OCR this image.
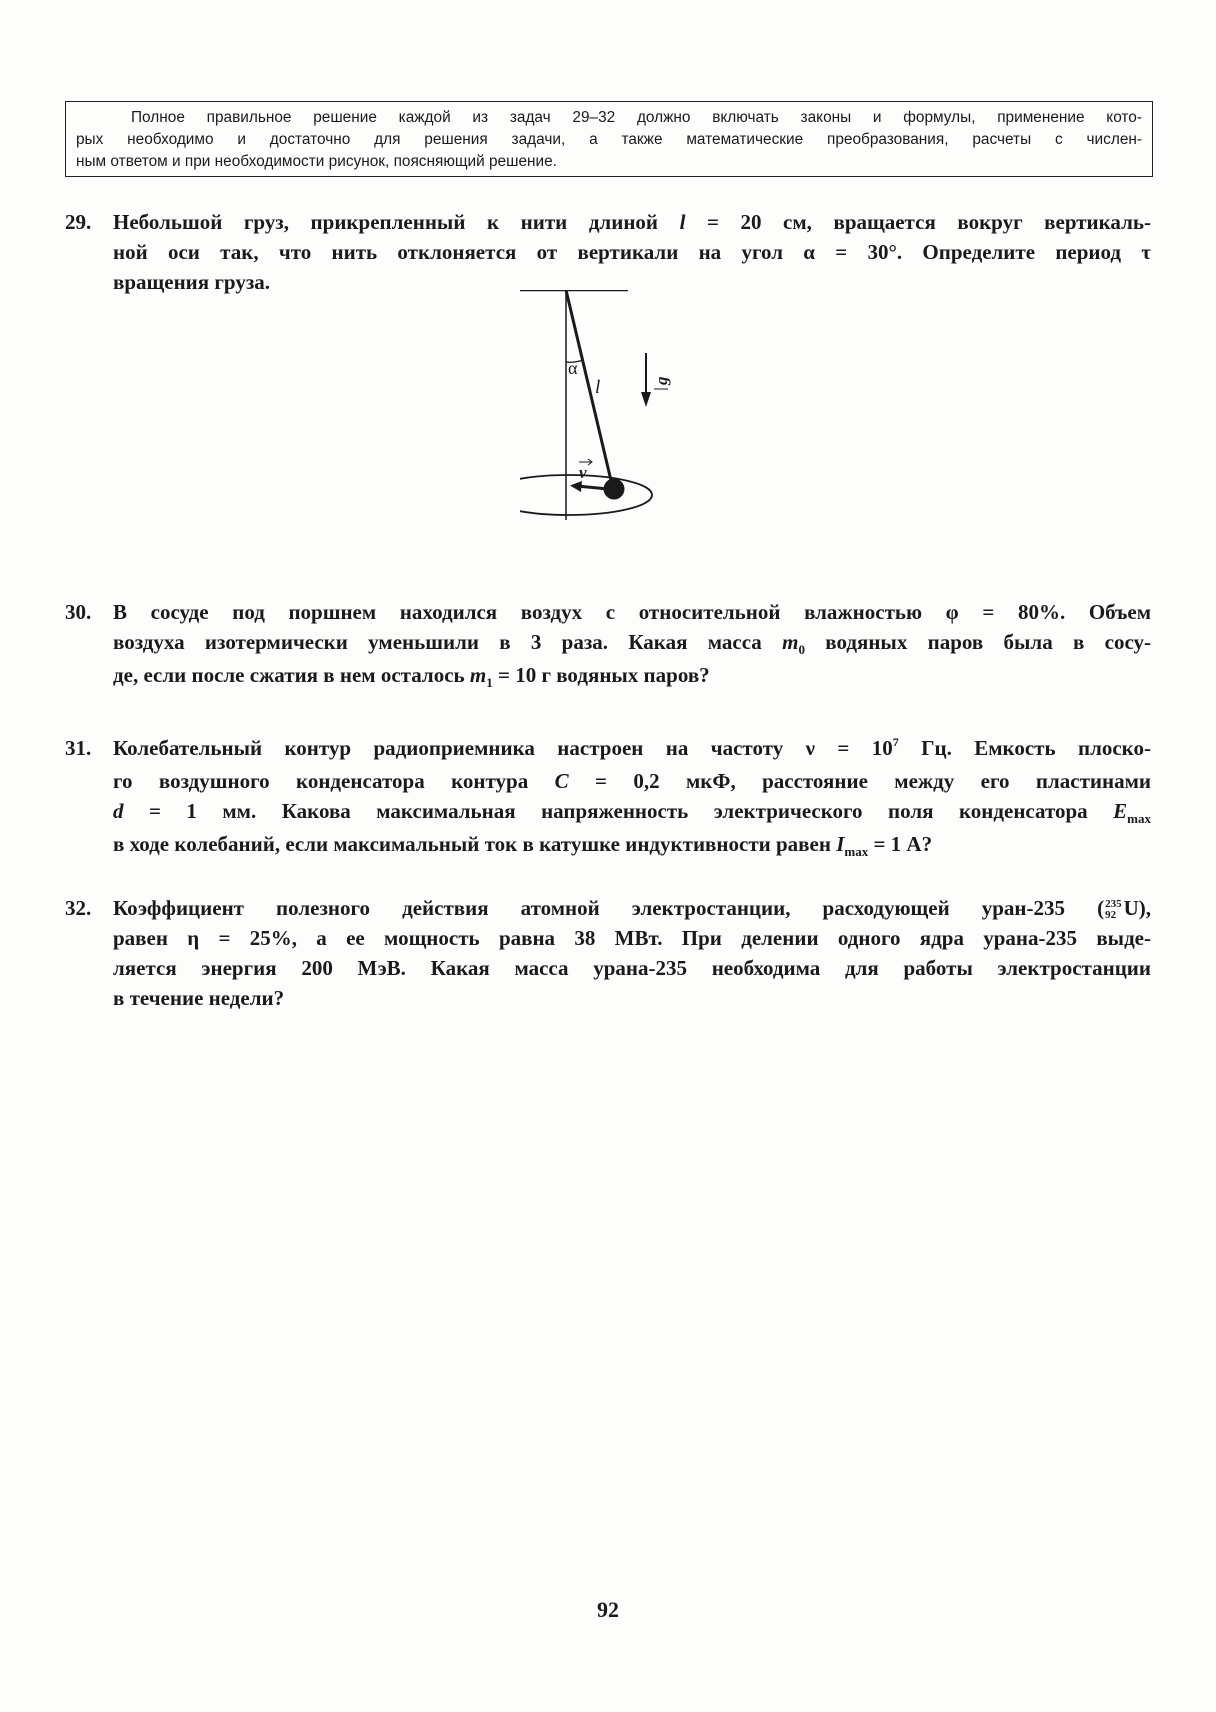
Полное правильное решение каждой из задач 29–32 должно включать законы и формулы, применение кото-
рых необходимо и достаточно для решения задачи, а также математические преобразования, расчеты с числен-
ным ответом и при необходимости рисунок, поясняющий решение.
29. Небольшой груз, прикрепленный к нити длиной l = 20 см, вращается вокруг вертикаль-
ной оси так, что нить отклоняется от вертикали на угол α = 30°. Определите период τ
вращения груза.
α
l	g
v
30. В сосуде под поршнем находился воздух с относительной влажностью φ = 80%. Объем
воздуха изотермически уменьшили в 3 раза. Какая масса $m_0$ водяных паров была в сосу-
де, если после сжатия в нем осталось $m_1 = 10$ г водяных паров?
31. Колебательный контур радиоприемника настроен на частоту $\nu = 10^7$ Гц. Емкость плоско-
го воздушного конденсатора контура C = 0,2 мкФ, расстояние между его пластинами
d = 1 мм. Какова максимальная напряженность электрического поля конденсатора $E_{max}$
в ходе колебаний, если максимальный ток в катушке индуктивности равен $I_{max} = 1$ А?
32. Коэффициент полезного действия атомной электростанции, расходующей уран-235 ( 235
92 U),
равен η = 25%, а ее мощность равна 38 МВт. При делении одного ядра урана-235 выде-
ляется энергия 200 МэВ. Какая масса урана-235 необходима для работы электростанции
в течение недели?
92
